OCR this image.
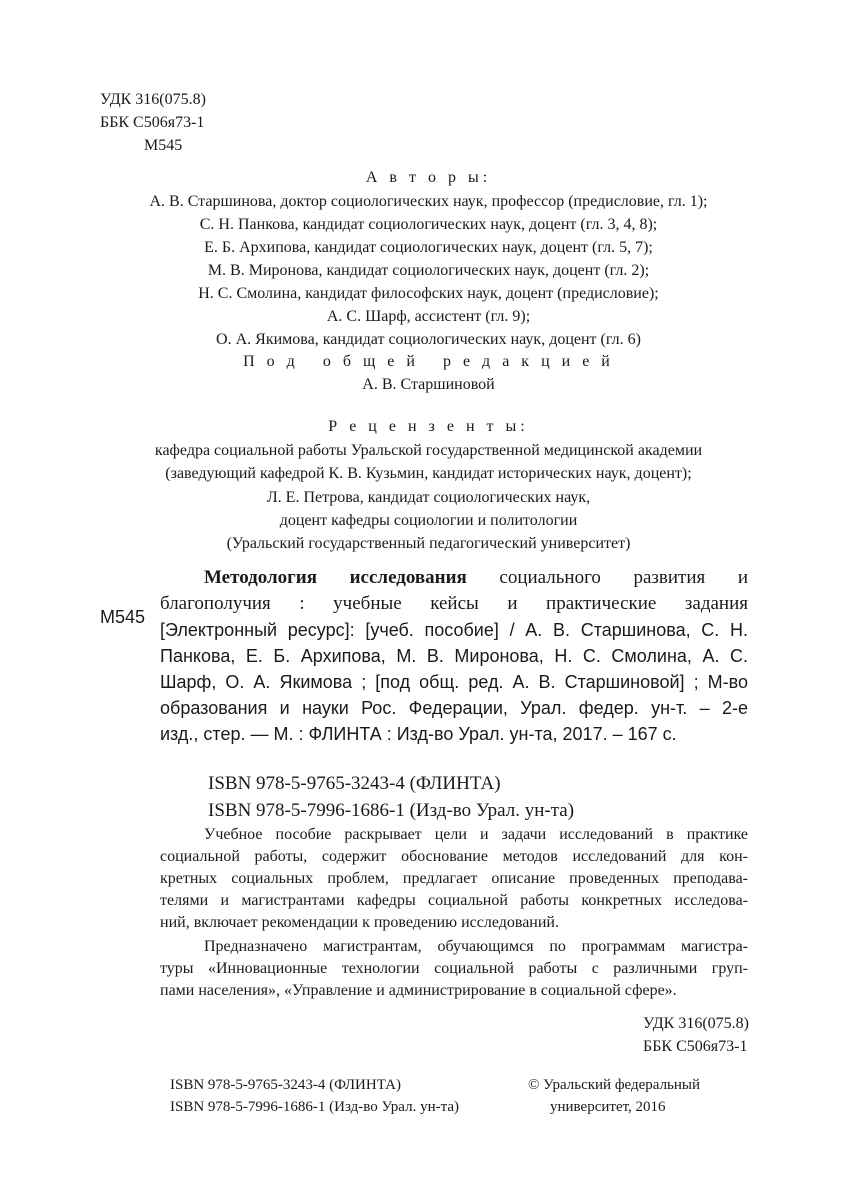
УДК 316(075.8)
ББК С506я73-1
М545
А в т о р ы:
А. В. Старшинова, доктор социологических наук, профессор (предисловие, гл. 1);
С. Н. Панкова, кандидат социологических наук, доцент (гл. 3, 4, 8);
Е. Б. Архипова, кандидат социологических наук, доцент (гл. 5, 7);
М. В. Миронова, кандидат социологических наук, доцент (гл. 2);
Н. С. Смолина, кандидат философских наук, доцент (предисловие);
А. С. Шарф, ассистент (гл. 9);
О. А. Якимова, кандидат социологических наук, доцент (гл. 6)
П о д   о б щ е й   р е д а к ц и е й
А. В. Старшиновой
Р е ц е н з е н т ы:
кафедра социальной работы Уральской государственной медицинской академии
(заведующий кафедрой К. В. Кузьмин, кандидат исторических наук, доцент);
Л. Е. Петрова, кандидат социологических наук,
доцент кафедры социологии и политологии
(Уральский государственный педагогический университет)
М545
Методология исследования социального развития и
благополучия : учебные кейсы и практические задания
[Электронный ресурс]: [учеб. пособие] / А. В. Старшинова, С. Н.
Панкова, Е. Б. Архипова, М. В. Миронова, Н. С. Смолина, А. С.
Шарф, О. А. Якимова ; [под общ. ред. А. В. Старшиновой] ; М-во
образования и науки Рос. Федерации, Урал. федер. ун-т. – 2-е
изд., стер. — М. : ФЛИНТА : Изд-во Урал. ун-та, 2017. – 167 с.
ISBN 978-5-9765-3243-4 (ФЛИНТА)
ISBN 978-5-7996-1686-1 (Изд-во Урал. ун-та)
Учебное пособие раскрывает цели и задачи исследований в практике
социальной работы, содержит обоснование методов исследований для кон-
кретных социальных проблем, предлагает описание проведенных преподава-
телями и магистрантами кафедры социальной работы конкретных исследова-
ний, включает рекомендации к проведению исследований.
Предназначено магистрантам, обучающимся по программам магистра-
туры «Инновационные технологии социальной работы с различными груп-
пами населения», «Управление и администрирование в социальной сфере».
УДК 316(075.8)
ББК С506я73-1
ISBN 978-5-9765-3243-4 (ФЛИНТА)
ISBN 978-5-7996-1686-1 (Изд-во Урал. ун-та)
© Уральский федеральный
университет, 2016
